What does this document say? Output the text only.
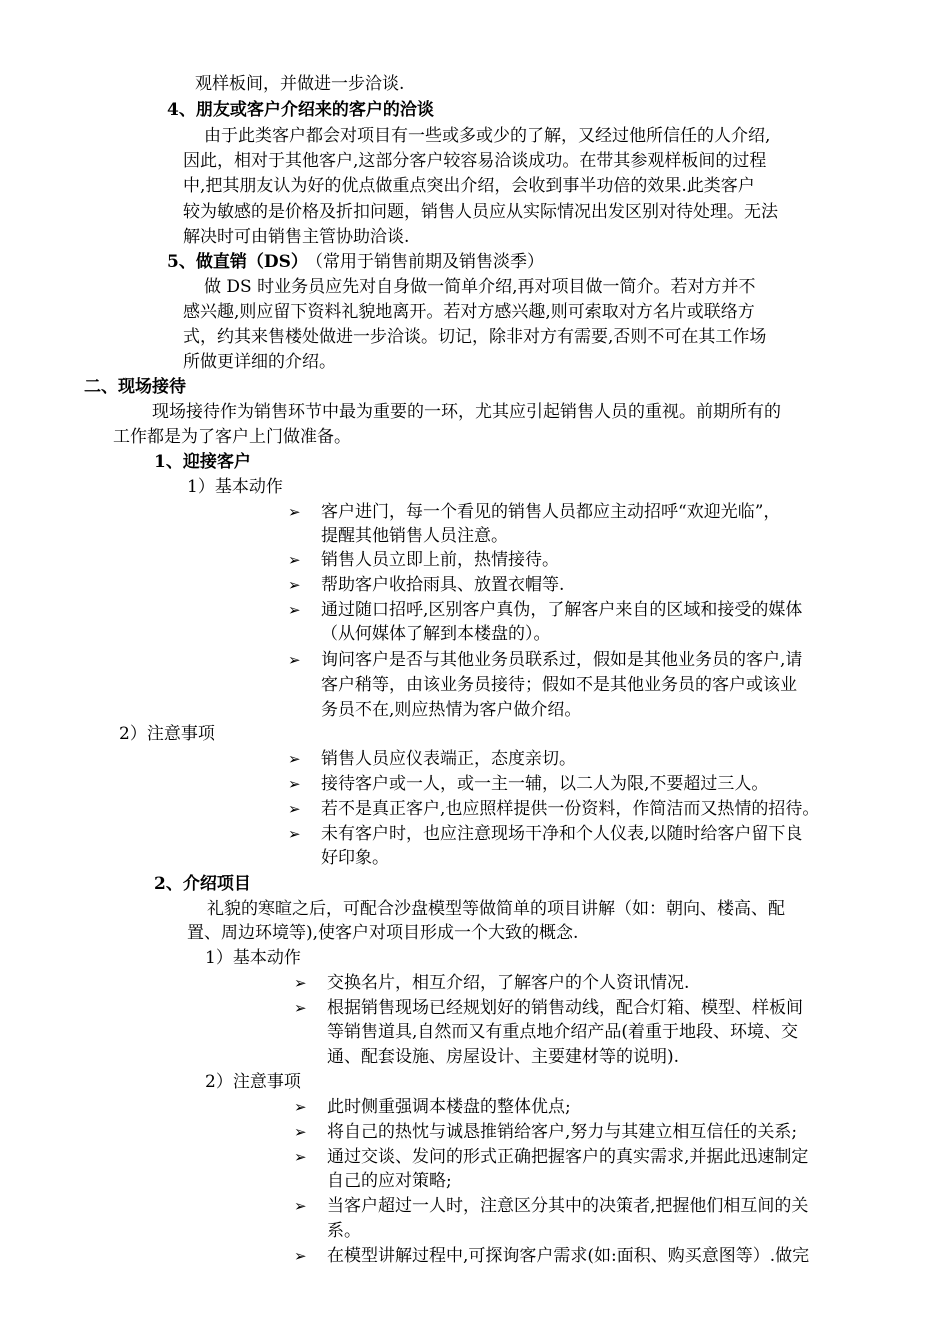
观样板间，并做进一步洽谈.
4、朋友或客户介绍来的客户的洽谈
由于此类客户都会对项目有一些或多或少的了解，又经过他所信任的人介绍,
因此，相对于其他客户,这部分客户较容易洽谈成功。在带其参观样板间的过程
中,把其朋友认为好的优点做重点突出介绍，会收到事半功倍的效果.此类客户
较为敏感的是价格及折扣问题，销售人员应从实际情况出发区别对待处理。无法
解决时可由销售主管协助洽谈.
5、做直销（DS）
（常用于销售前期及销售淡季）
做 DS 时业务员应先对自身做一简单介绍,再对项目做一简介。若对方并不
感兴趣,则应留下资料礼貌地离开。若对方感兴趣,则可索取对方名片或联络方
式，约其来售楼处做进一步洽谈。切记，除非对方有需要,否则不可在其工作场
所做更详细的介绍。
二、现场接待
现场接待作为销售环节中最为重要的一环，尤其应引起销售人员的重视。前期所有的
工作都是为了客户上门做准备。
1、迎接客户
1）基本动作
➢ 客户进门，每一个看见的销售人员都应主动招呼“欢迎光临”，
提醒其他销售人员注意。
➢ 销售人员立即上前，热情接待。
➢ 帮助客户收拾雨具、放置衣帽等.
➢ 通过随口招呼,区别客户真伪，了解客户来自的区域和接受的媒体
（从何媒体了解到本楼盘的）。
➢ 询问客户是否与其他业务员联系过，假如是其他业务员的客户,请
客户稍等，由该业务员接待；假如不是其他业务员的客户或该业
务员不在,则应热情为客户做介绍。
2）注意事项
➢ 销售人员应仪表端正，态度亲切。
➢ 接待客户或一人，或一主一辅，以二人为限,不要超过三人。
➢ 若不是真正客户,也应照样提供一份资料，作简洁而又热情的招待。
➢ 未有客户时，也应注意现场干净和个人仪表,以随时给客户留下良
好印象。
2、介绍项目
礼貌的寒暄之后，可配合沙盘模型等做简单的项目讲解（如：朝向、楼高、配
置、周边环境等),使客户对项目形成一个大致的概念.
1）基本动作
➢ 交换名片，相互介绍，了解客户的个人资讯情况.
➢ 根据销售现场已经规划好的销售动线，配合灯箱、模型、样板间
等销售道具,自然而又有重点地介绍产品(着重于地段、环境、交
通、配套设施、房屋设计、主要建材等的说明).
2）注意事项
➢ 此时侧重强调本楼盘的整体优点;
➢ 将自己的热忱与诚恳推销给客户,努力与其建立相互信任的关系;
➢ 通过交谈、发问的形式正确把握客户的真实需求,并据此迅速制定
自己的应对策略;
➢ 当客户超过一人时，注意区分其中的决策者,把握他们相互间的关
系。
➢ 在模型讲解过程中,可探询客户需求(如:面积、购买意图等）.做完
